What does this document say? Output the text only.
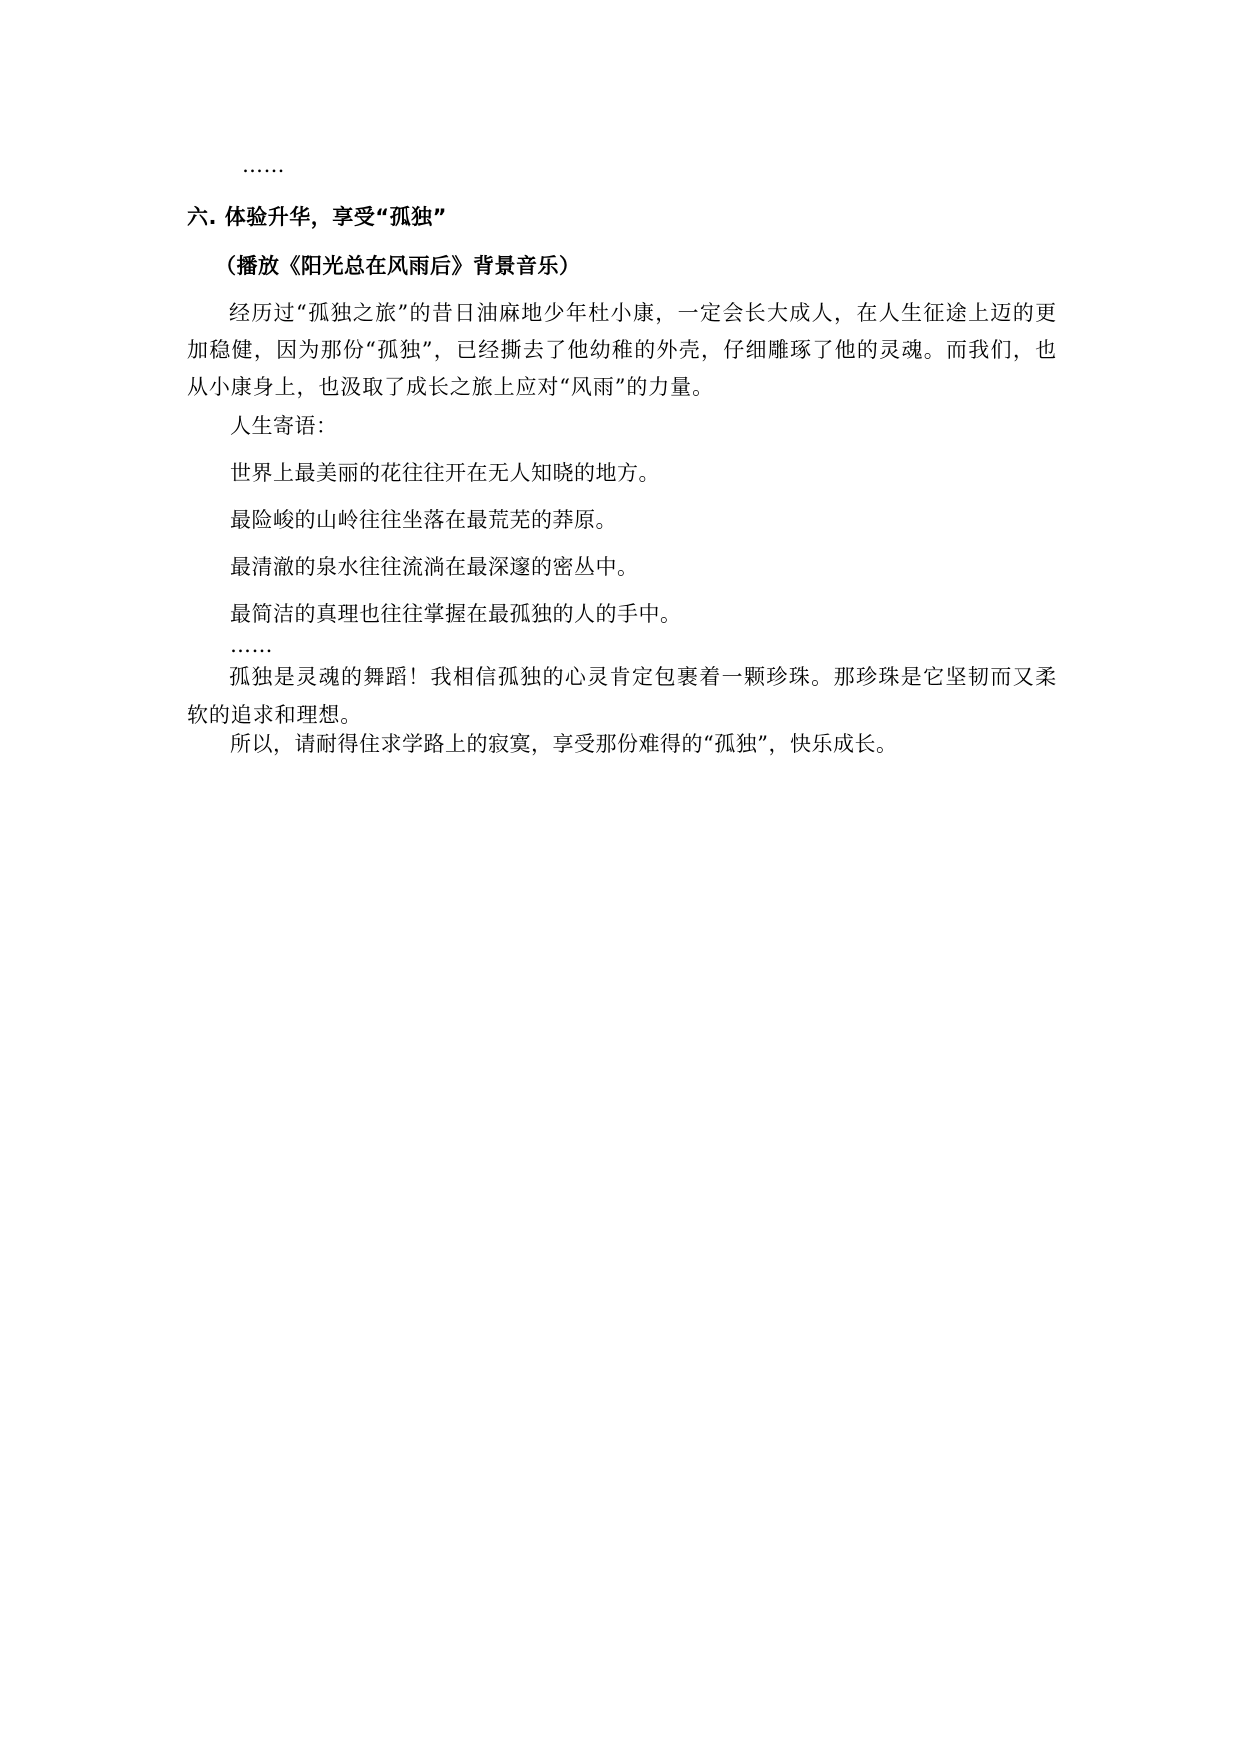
……
六. 体验升华，享受“孤独”
（播放《阳光总在风雨后》背景音乐）
经历过“孤独之旅”的昔日油麻地少年杜小康，一定会长大成人，在人生征途上迈的更加稳健，因为那份“孤独”，已经撕去了他幼稚的外壳，仔细雕琢了他的灵魂。而我们，也从小康身上，也汲取了成长之旅上应对“风雨”的力量。
人生寄语：
世界上最美丽的花往往开在无人知晓的地方。
最险峻的山岭往往坐落在最荒芜的莽原。
最清澈的泉水往往流淌在最深邃的密丛中。
最简洁的真理也往往掌握在最孤独的人的手中。
……
孤独是灵魂的舞蹈！我相信孤独的心灵肯定包裹着一颗珍珠。那珍珠是它坚韧而又柔软的追求和理想。
所以，请耐得住求学路上的寂寞，享受那份难得的“孤独”，快乐成长。
